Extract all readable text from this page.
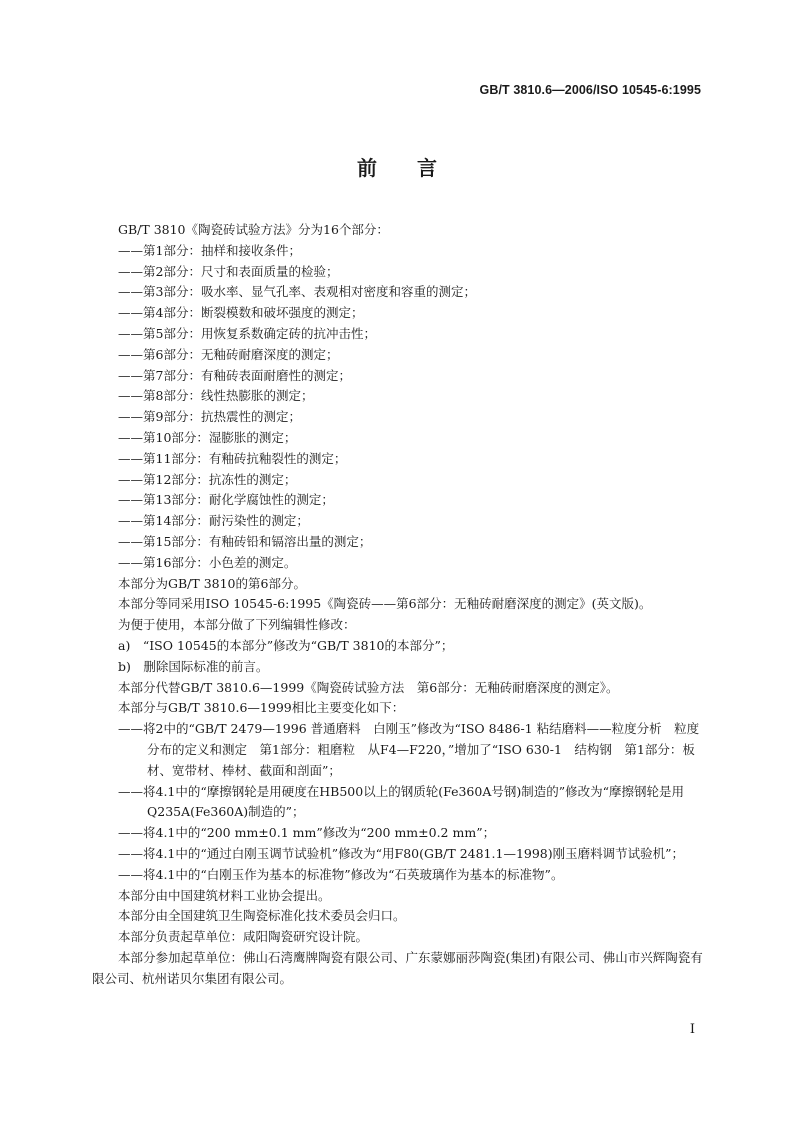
GB/T 3810.6—2006/ISO 10545-6:1995
前言

GB/T 3810《陶瓷砖试验方法》分为16个部分：

——第1部分：抽样和接收条件；

——第2部分：尺寸和表面质量的检验；

——第3部分：吸水率、显气孔率、表观相对密度和容重的测定；

——第4部分：断裂模数和破坏强度的测定；

——第5部分：用恢复系数确定砖的抗冲击性；

——第6部分：无釉砖耐磨深度的测定；

——第7部分：有釉砖表面耐磨性的测定；

——第8部分：线性热膨胀的测定；

——第9部分：抗热震性的测定；

——第10部分：湿膨胀的测定；

——第11部分：有釉砖抗釉裂性的测定；

——第12部分：抗冻性的测定；

——第13部分：耐化学腐蚀性的测定；

——第14部分：耐污染性的测定；

——第15部分：有釉砖铅和镉溶出量的测定；

——第16部分：小色差的测定。

本部分为GB/T 3810的第6部分。

本部分等同采用ISO 10545-6:1995《陶瓷砖——第6部分：无釉砖耐磨深度的测定》(英文版)。

为便于使用，本部分做了下列编辑性修改：

a)　“ISO 10545的本部分”修改为“GB/T 3810的本部分”；

b)　删除国际标准的前言。

本部分代替GB/T 3810.6—1999《陶瓷砖试验方法　第6部分：无釉砖耐磨深度的测定》。

本部分与GB/T 3810.6—1999相比主要变化如下：

——将2中的“GB/T 2479—1996 普通磨料　白刚玉”修改为“ISO 8486-1 粘结磨料——粒度分析　粒度分布的定义和测定　第1部分：粗磨粒　从F4—F220，”增加了“ISO 630-1　结构钢　第1部分：板材、宽带材、棒材、截面和剖面”；

——将4.1中的“摩擦钢轮是用硬度在HB500以上的钢质轮(Fe360A号钢)制造的”修改为“摩擦钢轮是用Q235A(Fe360A)制造的”；

——将4.1中的“200 mm±0.1 mm”修改为“200 mm±0.2 mm”；

——将4.1中的“通过白刚玉调节试验机”修改为“用F80(GB/T 2481.1—1998)刚玉磨料调节试验机”；

——将4.1中的“白刚玉作为基本的标准物”修改为“石英玻璃作为基本的标准物”。

本部分由中国建筑材料工业协会提出。

本部分由全国建筑卫生陶瓷标准化技术委员会归口。

本部分负责起草单位：咸阳陶瓷研究设计院。

本部分参加起草单位：佛山石湾鹰牌陶瓷有限公司、广东蒙娜丽莎陶瓷(集团)有限公司、佛山市兴辉陶瓷有限公司、杭州诺贝尔集团有限公司。

I
